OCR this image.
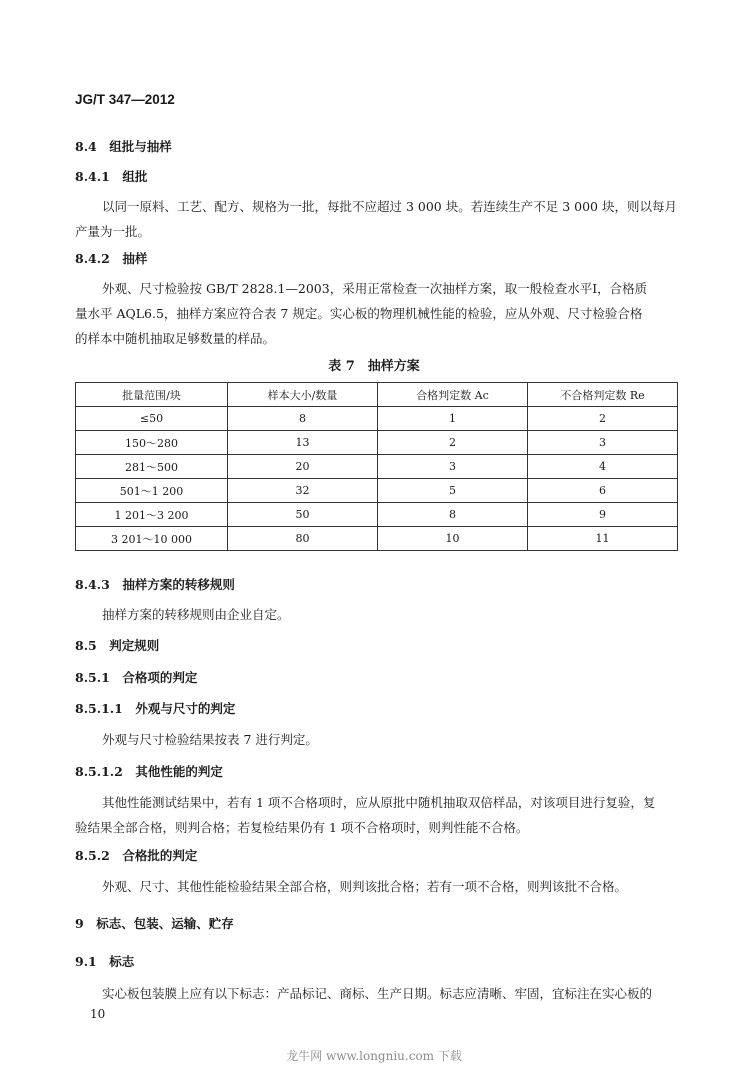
JG/T 347—2012
8.4　 组批与抽样
8.4.1　 组批
以同一原料、工艺、配方、规格为一批，每批不应超过 3 000 块。若连续生产不足 3 000 块，则以每月
产量为一批。
8.4.2　 抽样
外观、尺寸检验按 GB/T 2828.1—2003，采用正常检查一次抽样方案，取一般检查水平Ⅰ，合格质
量水平 AQL6.5，抽样方案应符合表 7 规定。实心板的物理机械性能的检验，应从外观、尺寸检验合格
的样本中随机抽取足够数量的样品。
表 7　抽样方案
批量范围/块	样本大小/数量	合格判定数 Ac	不合格判定数 Re
≤50	8	1	2
150～280	13	2	3
281～500	20	3	4
501～1 200	32	5	6
1 201～3 200	50	8	9
3 201～10 000	80	10	11
8.4.3　 抽样方案的转移规则
抽样方案的转移规则由企业自定。
8.5　 判定规则
8.5.1　 合格项的判定
8.5.1.1　 外观与尺寸的判定
外观与尺寸检验结果按表 7 进行判定。
8.5.1.2　 其他性能的判定
其他性能测试结果中，若有 1 项不合格项时，应从原批中随机抽取双倍样品，对该项目进行复验，复
验结果全部合格，则判合格；若复检结果仍有 1 项不合格项时，则判性能不合格。
8.5.2　 合格批的判定
外观、尺寸、其他性能检验结果全部合格，则判该批合格；若有一项不合格，则判该批不合格。
9　 标志、包装、运输、贮存
9.1　 标志
实心板包装膜上应有以下标志：产品标记、商标、生产日期。标志应清晰、牢固，宜标注在实心板的
10
龙牛网 www.longniu.com 下载
